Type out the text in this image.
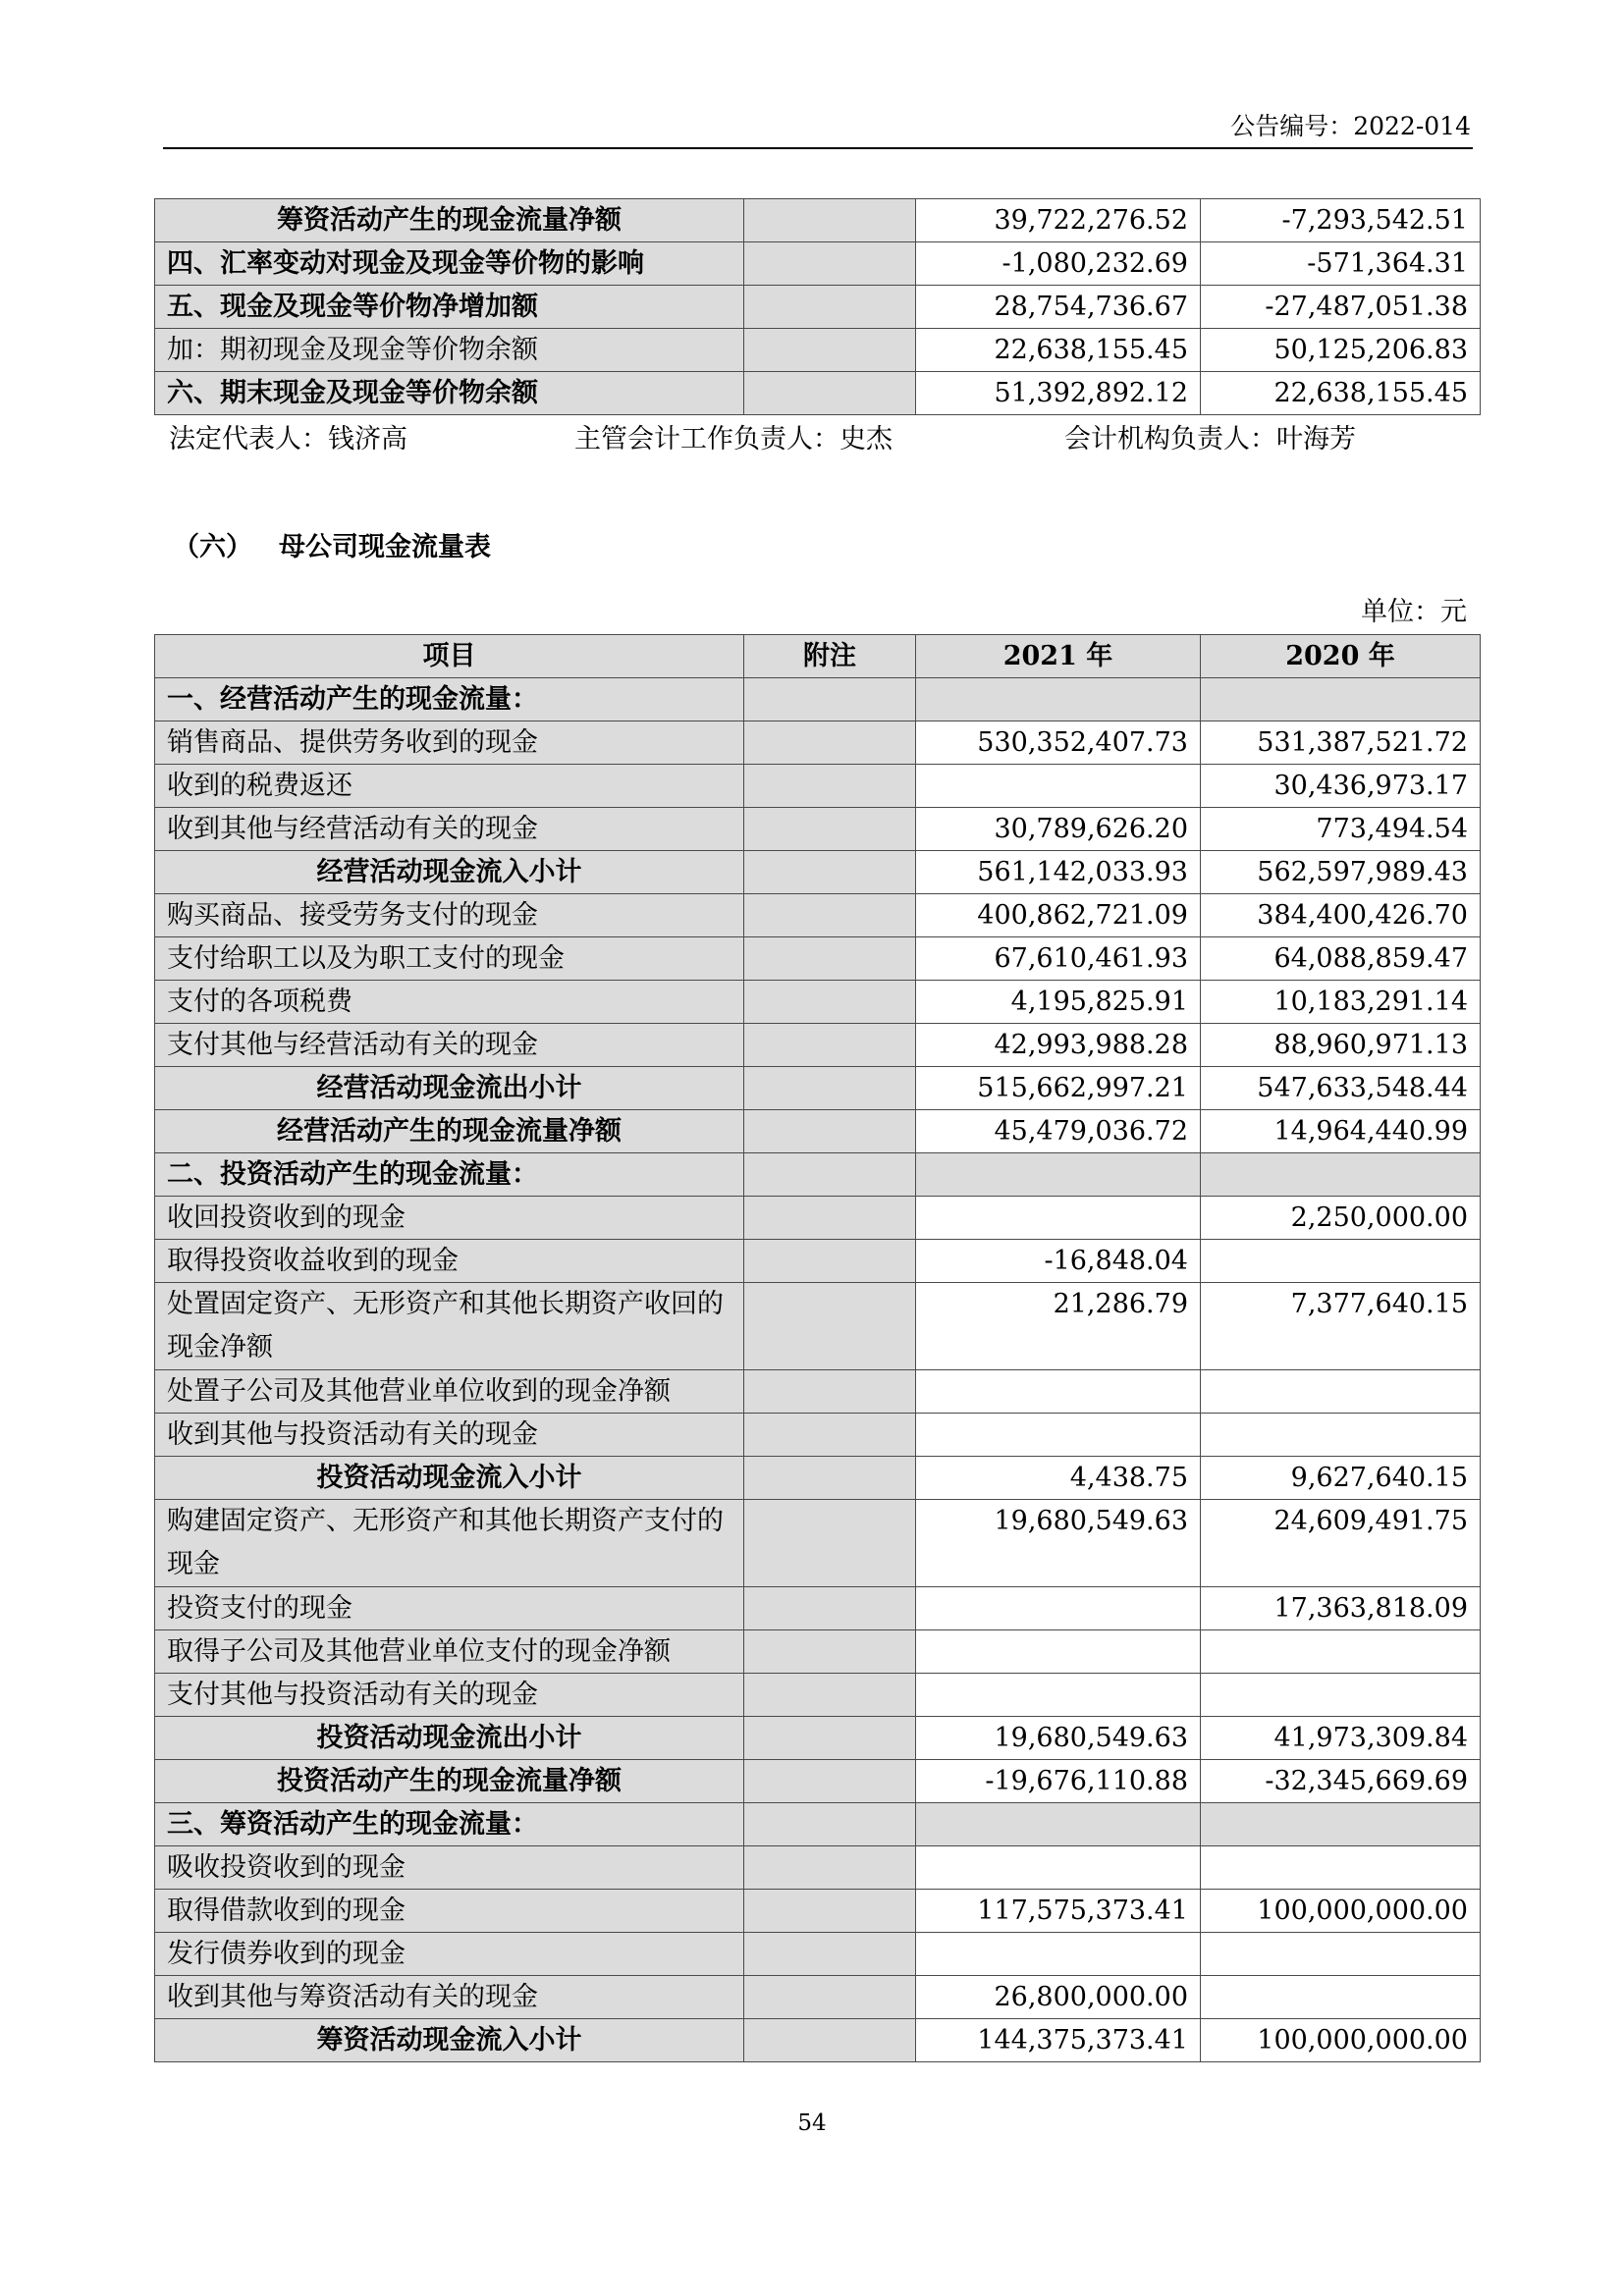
公告编号：2022-014
筹资活动产生的现金流量净额		39,722,276.52	-7,293,542.51
四、汇率变动对现金及现金等价物的影响		-1,080,232.69	-571,364.31
五、现金及现金等价物净增加额		28,754,736.67	-27,487,051.38
加：期初现金及现金等价物余额		22,638,155.45	50,125,206.83
六、期末现金及现金等价物余额		51,392,892.12	22,638,155.45
法定代表人：钱济高	主管会计工作负责人：史杰	会计机构负责人：叶海芳
（六） 母公司现金流量表
单位：元
项目	附注	2021 年	2020 年
一、经营活动产生的现金流量：			
销售商品、提供劳务收到的现金		530,352,407.73	531,387,521.72
收到的税费返还			30,436,973.17
收到其他与经营活动有关的现金		30,789,626.20	773,494.54
经营活动现金流入小计		561,142,033.93	562,597,989.43
购买商品、接受劳务支付的现金		400,862,721.09	384,400,426.70
支付给职工以及为职工支付的现金		67,610,461.93	64,088,859.47
支付的各项税费		4,195,825.91	10,183,291.14
支付其他与经营活动有关的现金		42,993,988.28	88,960,971.13
经营活动现金流出小计		515,662,997.21	547,633,548.44
经营活动产生的现金流量净额		45,479,036.72	14,964,440.99
二、投资活动产生的现金流量：			
收回投资收到的现金			2,250,000.00
取得投资收益收到的现金		-16,848.04	
处置固定资产、无形资产和其他长期资产收回的现金净额		21,286.79	7,377,640.15
处置子公司及其他营业单位收到的现金净额			
收到其他与投资活动有关的现金			
投资活动现金流入小计		4,438.75	9,627,640.15
购建固定资产、无形资产和其他长期资产支付的现金		19,680,549.63	24,609,491.75
投资支付的现金			17,363,818.09
取得子公司及其他营业单位支付的现金净额			
支付其他与投资活动有关的现金			
投资活动现金流出小计		19,680,549.63	41,973,309.84
投资活动产生的现金流量净额		-19,676,110.88	-32,345,669.69
三、筹资活动产生的现金流量：			
吸收投资收到的现金			
取得借款收到的现金		117,575,373.41	100,000,000.00
发行债券收到的现金			
收到其他与筹资活动有关的现金		26,800,000.00	
筹资活动现金流入小计		144,375,373.41	100,000,000.00
54
